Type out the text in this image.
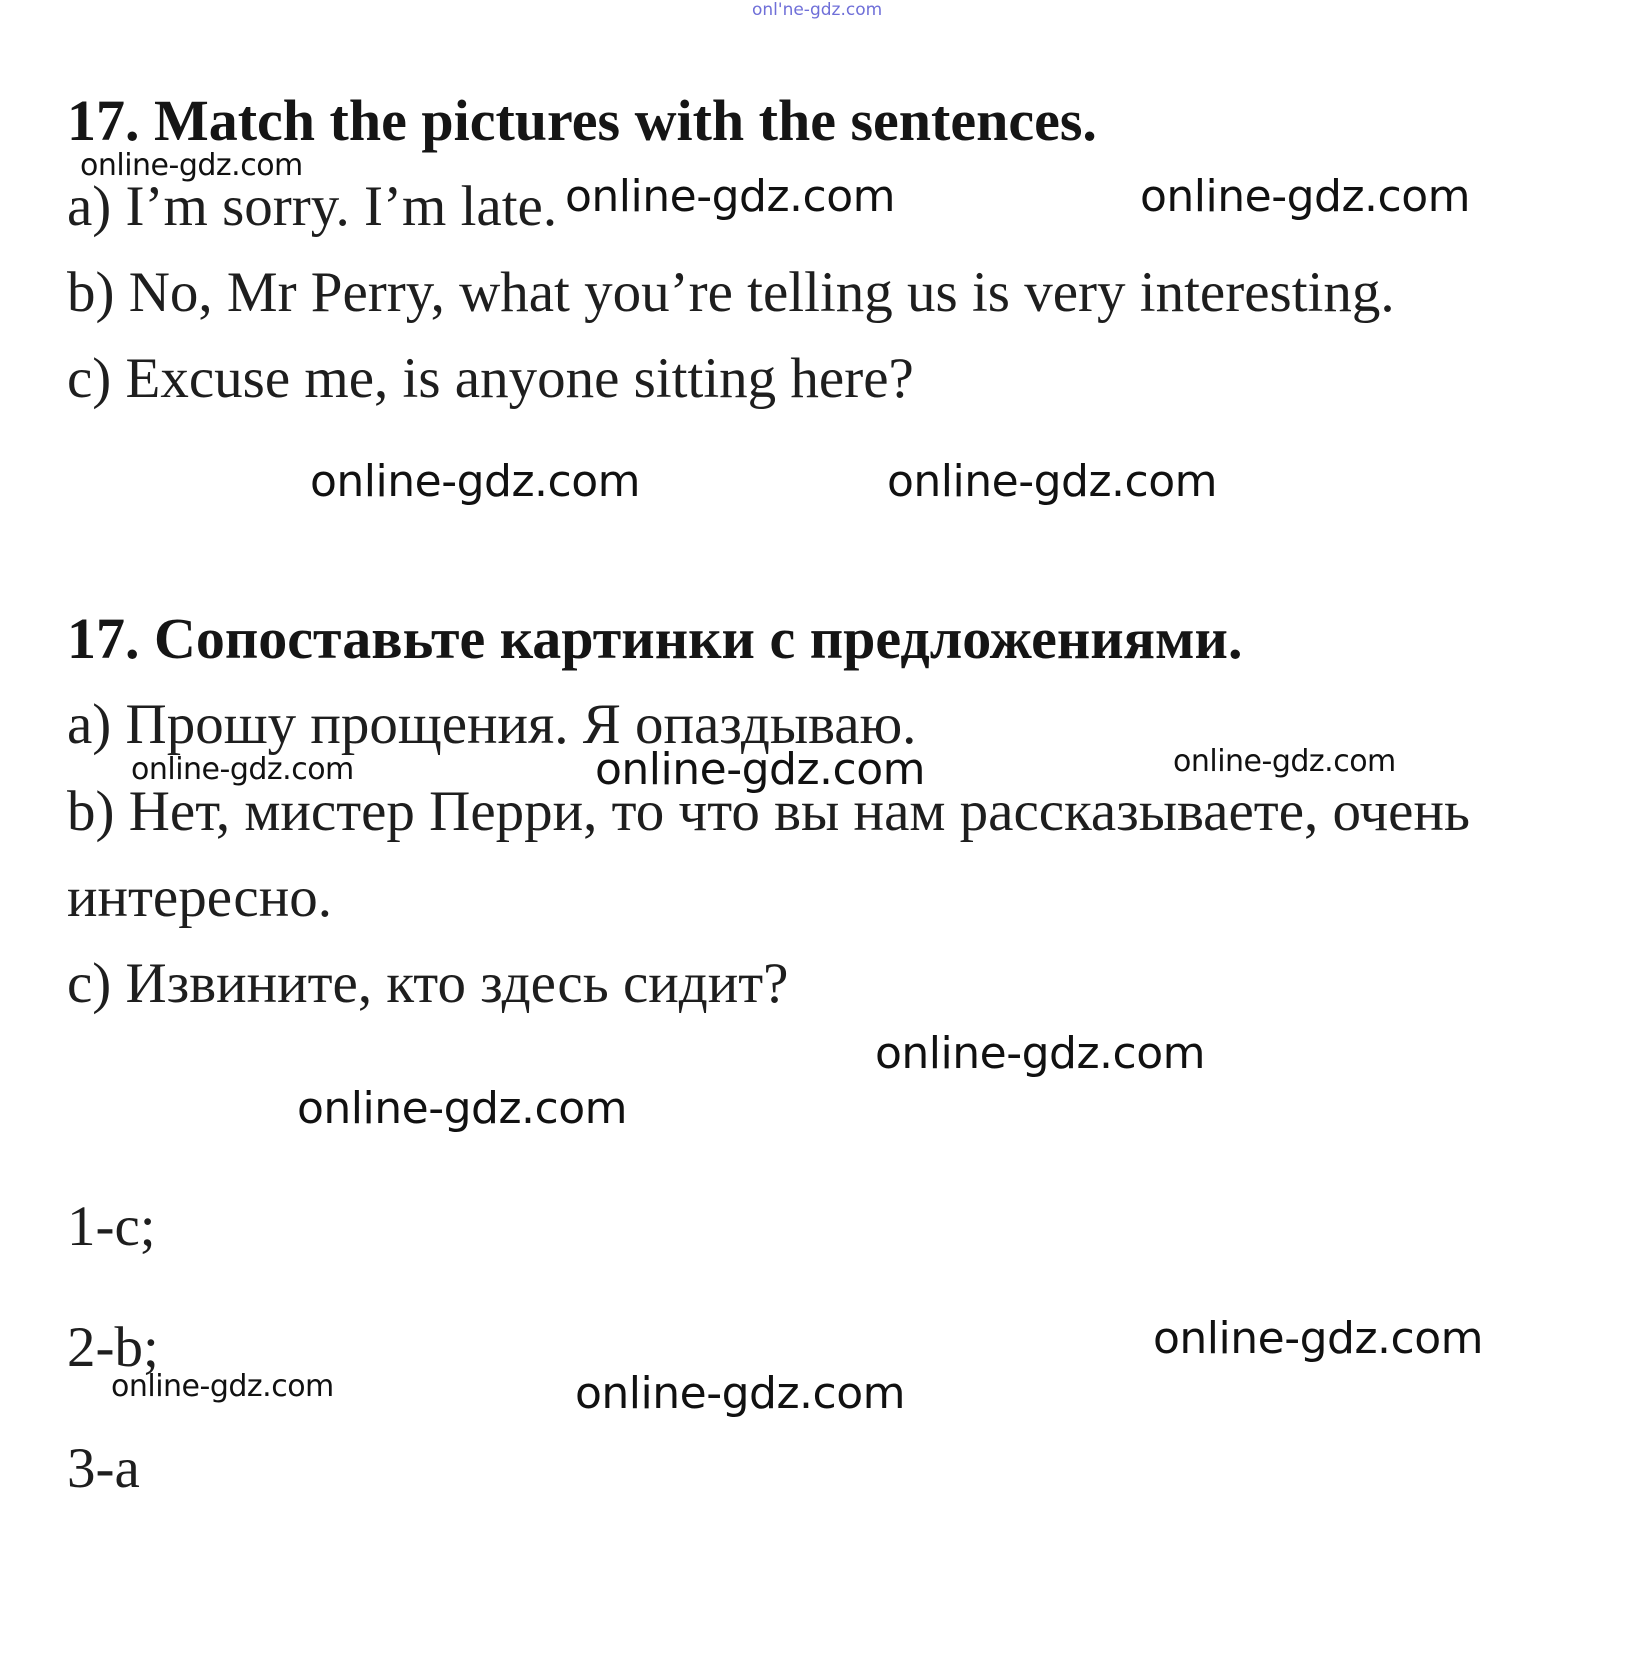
onl'ne-gdz.com
17. Match the pictures with the sentences.
a) I’m sorry. I’m late.
b) No, Mr Perry, what you’re telling us is very interesting.
c) Excuse me, is anyone sitting here?
17. Сопоставьте картинки с предложениями.
a) Прошу прощения. Я опаздываю.
b) Нет, мистер Перри, то что вы нам рассказываете, очень
интересно.
c) Извините, кто здесь сидит?
1-c;
2-b;
3-a
online-gdz.com
online-gdz.com	online-gdz.com
online-gdz.com	online-gdz.com
online-gdz.com	online-gdz.com	online-gdz.com
online-gdz.com
online-gdz.com
online-gdz.com
online-gdz.com	online-gdz.com
